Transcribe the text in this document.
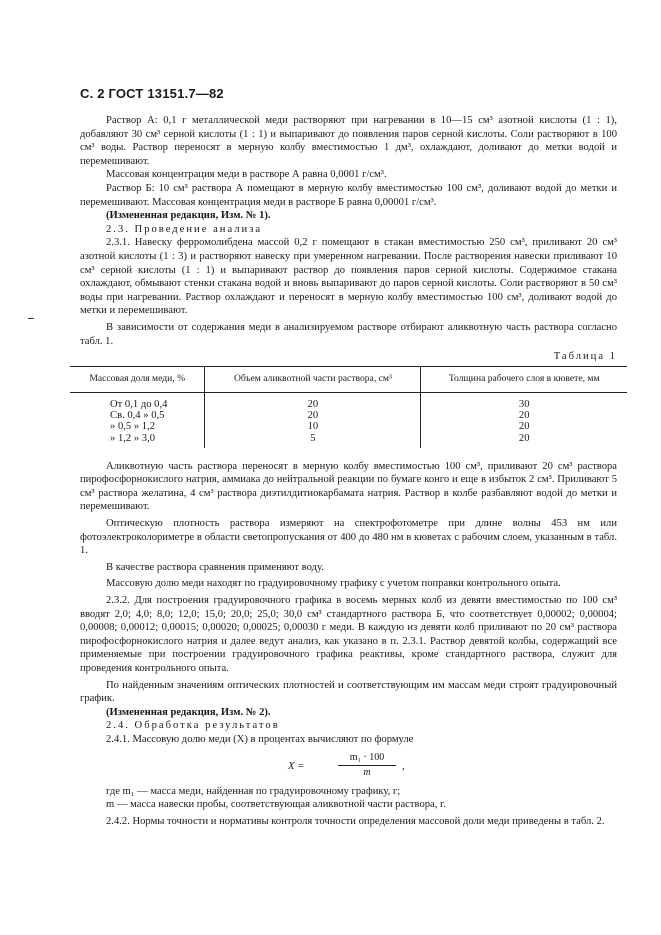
С. 2 ГОСТ 13151.7—82

Раствор А: 0,1 г металлической меди растворяют при нагревании в 10—15 см³ азотной кислоты (1 : 1), добавляют 30 см³ серной кислоты (1 : 1) и выпаривают до появления паров серной кислоты. Соли растворяют в 100 см³ воды. Раствор переносят в мерную колбу вместимостью 1 дм³, охлаждают, доливают до метки водой и перемешивают.

Массовая концентрация меди в растворе А равна 0,0001 г/см³.

Раствор Б: 10 см³ раствора А помещают в мерную колбу вместимостью 100 см³, доливают водой до метки и перемешивают. Массовая концентрация меди в растворе Б равна 0,00001 г/см³.

(Измененная редакция, Изм. № 1).

2.3. Проведение анализа

2.3.1. Навеску ферромолибдена массой 0,2 г помещают в стакан вместимостью 250 см³, приливают 20 см³ азотной кислоты (1 : 3) и растворяют навеску при умеренном нагревании. После растворения навески приливают 10 см³ серной кислоты (1 : 1) и выпаривают раствор до появления паров серной кислоты. Содержимое стакана охлаждают, обмывают стенки стакана водой и вновь выпаривают до паров серной кислоты. Соли растворяют в 50 см³ воды при нагревании. Раствор охлаждают и переносят в мерную колбу вместимостью 100 см³, доливают водой до метки и перемешивают.

В зависимости от содержания меди в анализируемом растворе отбирают аликвотную часть раствора согласно табл. 1.

Таблица 1
Массовая доля меди, %	Объем аликвотной части раствора, см³	Толщина рабочего слоя в кювете, мм
От 0,1 до 0,4	20	30
Св. 0,4 » 0,5	20	20
» 0,5 » 1,2	10	20
» 1,2 » 3,0	5	20

Аликвотную часть раствора переносят в мерную колбу вместимостью 100 см³, приливают 20 см³ раствора пирофосфорнокислого натрия, аммиака до нейтральной реакции по бумаге конго и еще в избыток 2 см³. Приливают 5 см³ раствора желатина, 4 см³ раствора диэтилдитиокарбамата натрия. Раствор в колбе разбавляют водой до метки и перемешивают.

Оптическую плотность раствора измеряют на спектрофотометре при длине волны 453 нм или фотоэлектроколориметре в области светопропускания от 400 до 480 нм в кюветах с рабочим слоем, указанным в табл. 1.

В качестве раствора сравнения применяют воду.

Массовую долю меди находят по градуировочному графику с учетом поправки контрольного опыта.

2.3.2. Для построения градуировочного графика в восемь мерных колб из девяти вместимостью по 100 см³ вводят 2,0; 4,0; 8,0; 12,0; 15,0; 20,0; 25,0; 30,0 см³ стандартного раствора Б, что соответствует 0,00002; 0,00004; 0,00008; 0,00012; 0,00015; 0,00020; 0,00025; 0,00030 г меди. В каждую из девяти колб приливают по 20 см³ раствора пирофосфорнокислого натрия и далее ведут анализ, как указано в п. 2.3.1. Раствор девятой колбы, содержащий все применяемые при построении градуировочного графика реактивы, кроме стандартного раствора, служит для проведения контрольного опыта.

По найденным значениям оптических плотностей и соответствующим им массам меди строят градуировочный график.

(Измененная редакция, Изм. № 2).

2.4. Обработка результатов

2.4.1. Массовую долю меди (X) в процентах вычисляют по формуле

X =	$\frac{\text{m₁ · 100}}{m}$ ,

где m₁ — масса меди, найденная по градуировочному графику, г;

m — масса навески пробы, соответствующая аликвотной части раствора, г.

2.4.2. Нормы точности и нормативы контроля точности определения массовой доли меди приведены в табл. 2.
